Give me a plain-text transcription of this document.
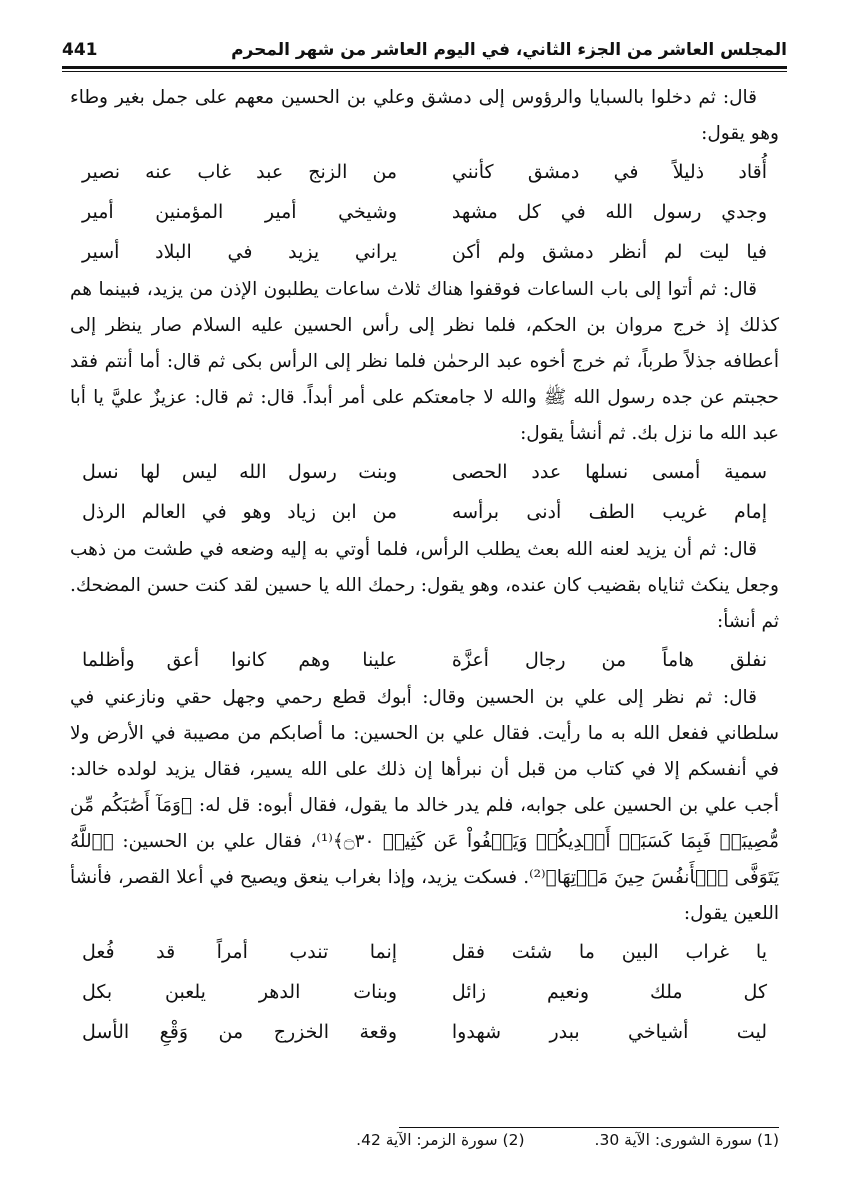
441	المجلس العاشر من الجزء الثاني، في اليوم العاشر من شهر المحرم

قال: ثم دخلوا بالسبايا والرؤوس إلى دمشق وعلي بن الحسين معهم على جمل بغير وطاء وهو يقول:

أُقاد ذليلاً في دمشق كأنني
من الزنج عبد غاب عنه نصير
وجدي رسول الله في كل مشهد
وشيخي أمير المؤمنين أمير
فيا ليت لم أنظر دمشق ولم أكن
يراني يزيد في البلاد أسير

قال: ثم أتوا إلى باب الساعات فوقفوا هناك ثلاث ساعات يطلبون الإذن من يزيد، فبينما هم كذلك إذ خرج مروان بن الحكم، فلما نظر إلى رأس الحسين عليه السلام صار ينظر إلى أعطافه جذلاً طرباً، ثم خرج أخوه عبد الرحمٰن فلما نظر إلى الرأس بكى ثم قال: أما أنتم فقد حجبتم عن جده رسول الله ﷺ والله لا جامعتكم على أمر أبداً. قال: ثم قال: عزيزٌ عليَّ يا أبا عبد الله ما نزل بك. ثم أنشأ يقول:

سمية أمسى نسلها عدد الحصى
وبنت رسول الله ليس لها نسل
إمام غريب الطف أدنى برأسه
من ابن زياد وهو في العالم الرذل

قال: ثم أن يزيد لعنه الله بعث يطلب الرأس، فلما أوتي به إليه وضعه في طشت من ذهب وجعل ينكث ثناياه بقضيب كان عنده، وهو يقول: رحمك الله يا حسين لقد كنت حسن المضحك. ثم أنشأ:

نفلق هاماً من رجال أعزَّة
علينا وهم كانوا أعق وأظلما

قال: ثم نظر إلى علي بن الحسين وقال: أبوك قطع رحمي وجهل حقي ونازعني في سلطاني ففعل الله به ما رأيت. فقال علي بن الحسين: ما أصابكم من مصيبة في الأرض ولا في أنفسكم إلا في كتاب من قبل أن نبرأها إن ذلك على الله يسير، فقال يزيد لولده خالد: أجب علي بن الحسين على جوابه، فلم يدر خالد ما يقول، فقال أبوه: قل له: ﴿وَمَآ أَصَٰبَكُم مِّن مُّصِيبَةٖ فَبِمَا كَسَبَتۡ أَيۡدِيكُمۡ وَيَعۡفُواْ عَن كَثِيرٖ ۝٣٠﴾⁽¹⁾، فقال علي بن الحسين: ﴿ٱللَّهُ يَتَوَفَّى ٱلۡأَنفُسَ حِينَ مَوۡتِهَا﴾⁽²⁾. فسكت يزيد، وإذا بغراب ينعق ويصيح في أعلا القصر، فأنشأ اللعين يقول:

يا غراب البين ما شئت فقل
إنما تندب أمراً قد فُعل
كل ملك ونعيم زائل
وبنات الدهر يلعبن بكل
ليت أشياخي ببدر شهدوا
وقعة الخزرج من وَقْعِ الأسل
(1) سورة الشورى: الآية 30.
(2) سورة الزمر: الآية 42.
